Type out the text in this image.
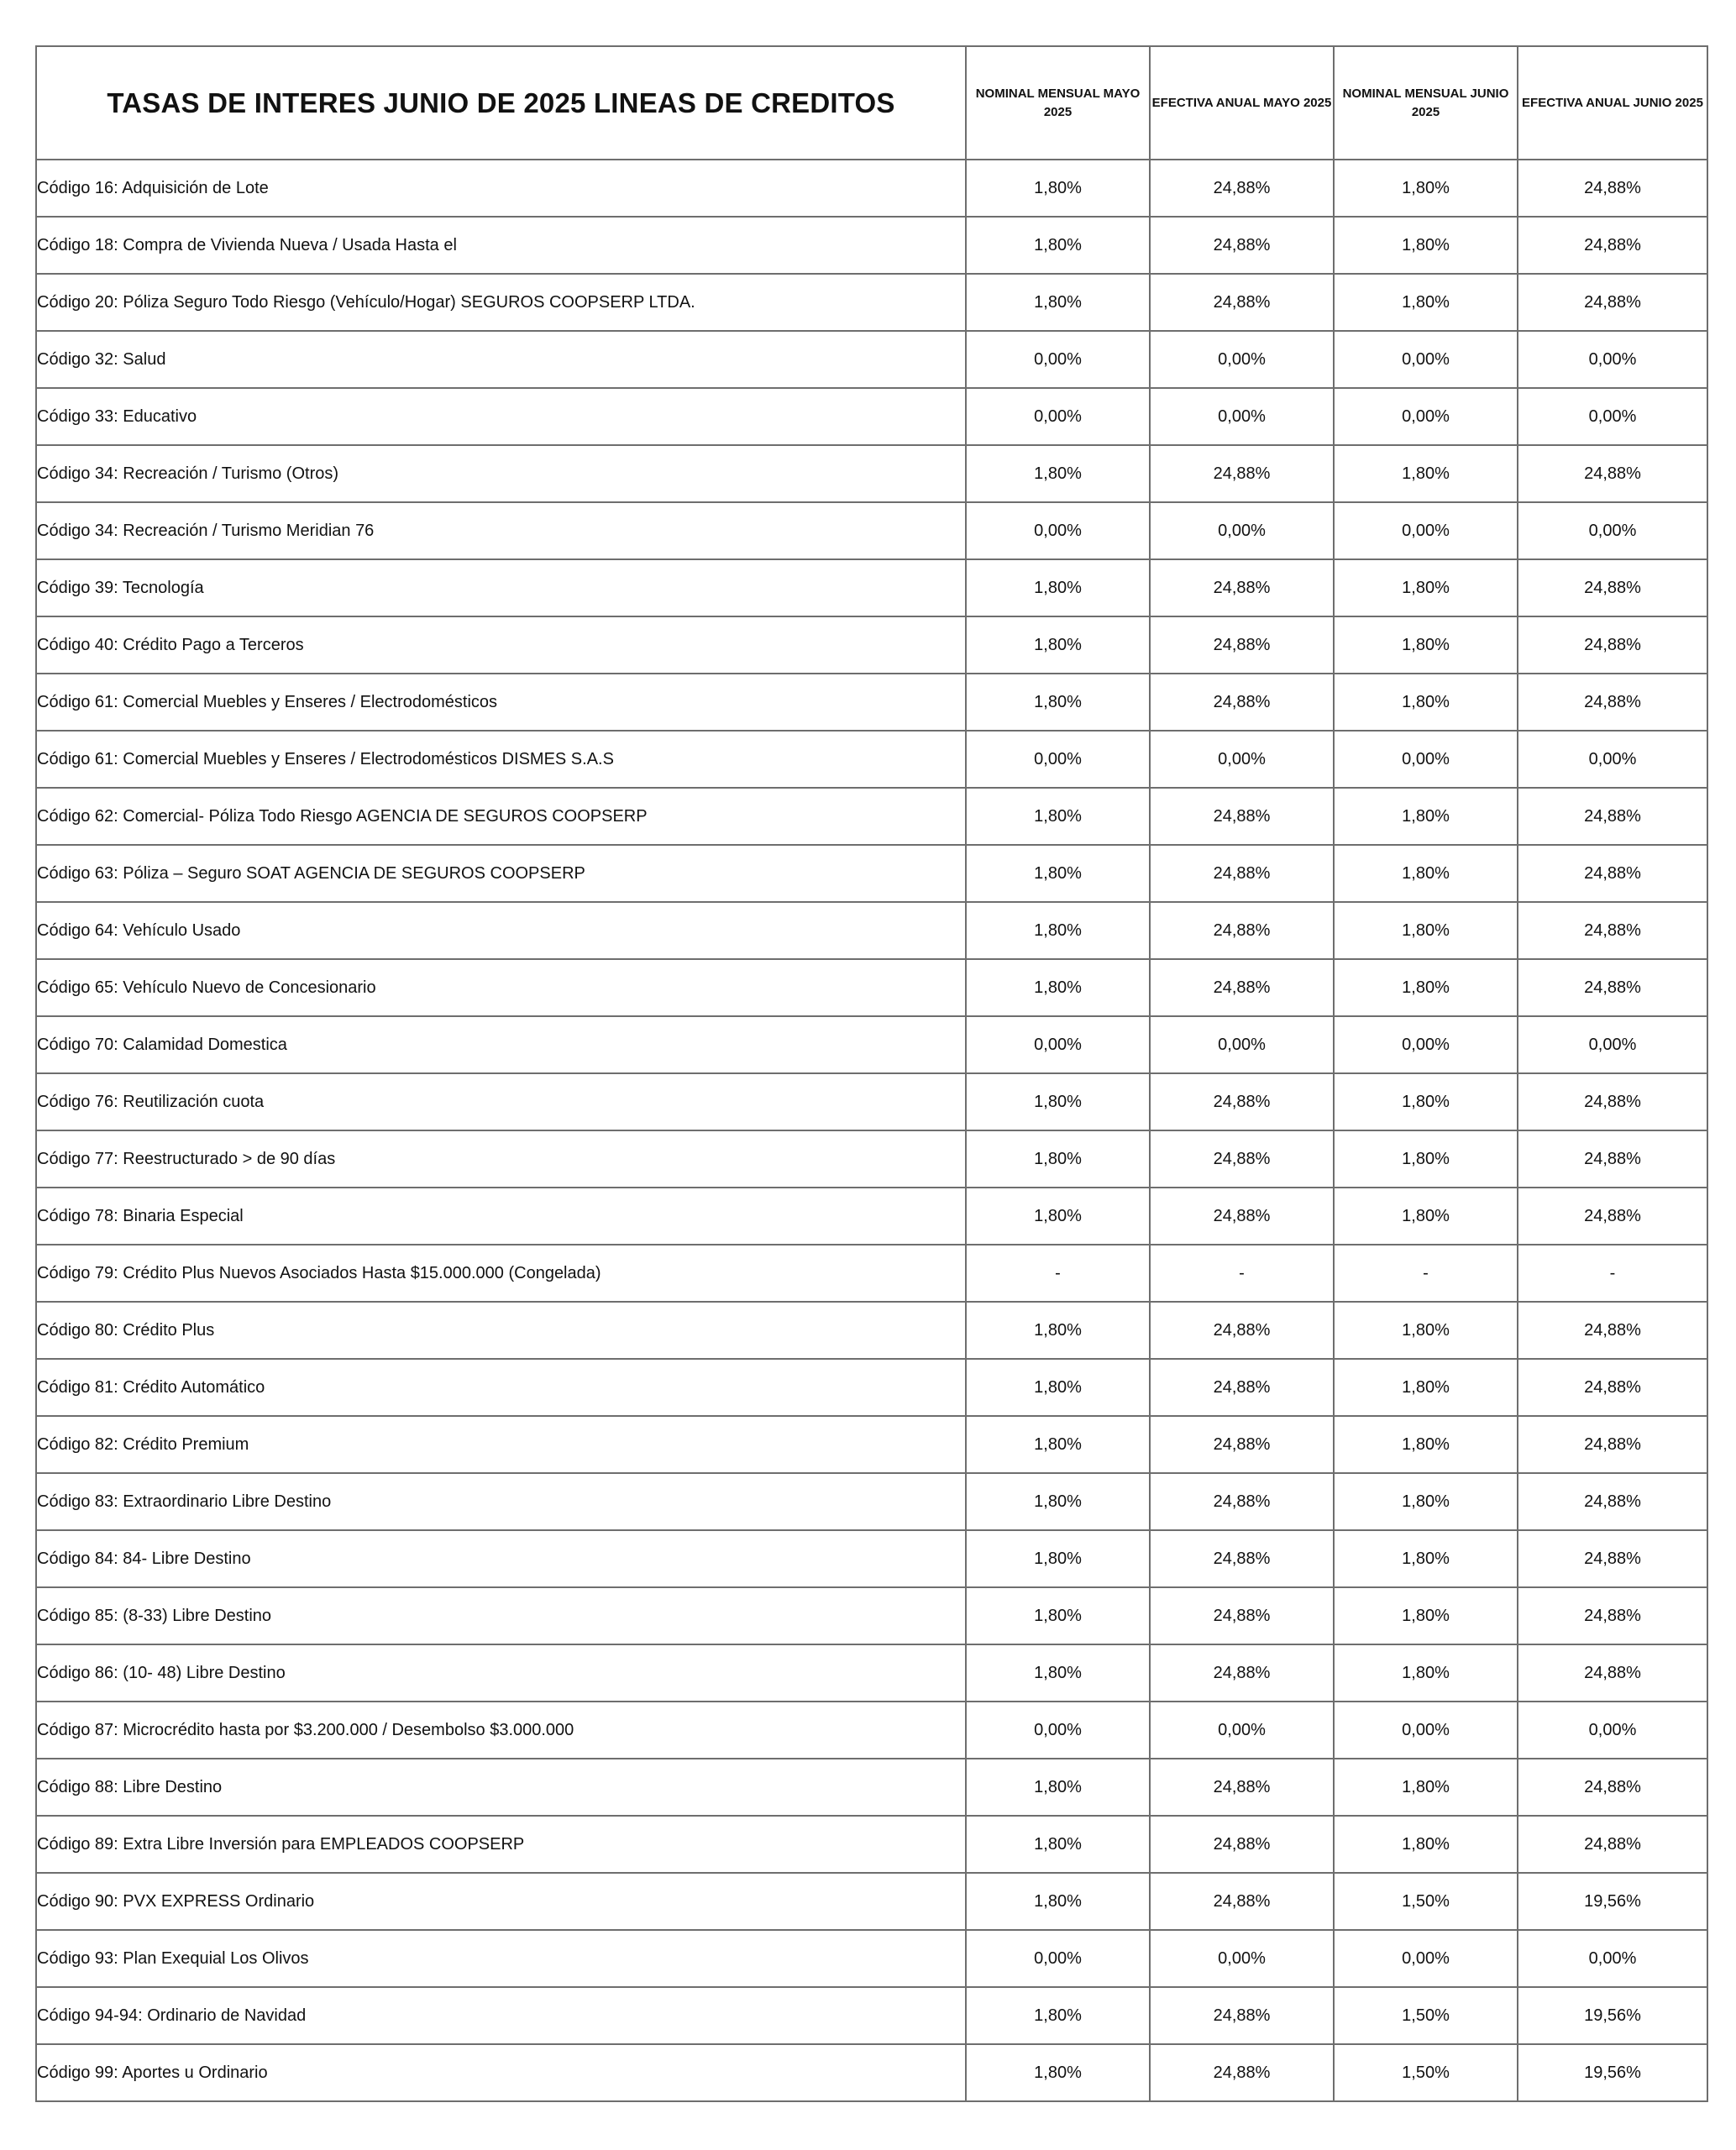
TASAS DE INTERES JUNIO DE 2025 LINEAS DE CREDITOS	NOMINAL MENSUAL MAYO 2025	EFECTIVA ANUAL MAYO 2025	NOMINAL MENSUAL JUNIO 2025	EFECTIVA ANUAL JUNIO 2025
Código 16: Adquisición de Lote	1,80%	24,88%	1,80%	24,88%
Código 18: Compra de Vivienda Nueva / Usada Hasta el	1,80%	24,88%	1,80%	24,88%
Código 20: Póliza Seguro Todo Riesgo (Vehículo/Hogar) SEGUROS COOPSERP LTDA.	1,80%	24,88%	1,80%	24,88%
Código 32: Salud	0,00%	0,00%	0,00%	0,00%
Código 33: Educativo	0,00%	0,00%	0,00%	0,00%
Código 34: Recreación / Turismo (Otros)	1,80%	24,88%	1,80%	24,88%
Código 34: Recreación / Turismo Meridian 76	0,00%	0,00%	0,00%	0,00%
Código 39: Tecnología	1,80%	24,88%	1,80%	24,88%
Código 40: Crédito Pago a Terceros	1,80%	24,88%	1,80%	24,88%
Código 61: Comercial Muebles y Enseres / Electrodomésticos	1,80%	24,88%	1,80%	24,88%
Código 61: Comercial Muebles y Enseres / Electrodomésticos DISMES S.A.S	0,00%	0,00%	0,00%	0,00%
Código 62: Comercial- Póliza Todo Riesgo AGENCIA DE SEGUROS COOPSERP	1,80%	24,88%	1,80%	24,88%
Código 63: Póliza – Seguro SOAT AGENCIA DE SEGUROS COOPSERP	1,80%	24,88%	1,80%	24,88%
Código 64: Vehículo Usado	1,80%	24,88%	1,80%	24,88%
Código 65: Vehículo Nuevo de Concesionario	1,80%	24,88%	1,80%	24,88%
Código 70: Calamidad Domestica	0,00%	0,00%	0,00%	0,00%
Código 76: Reutilización cuota	1,80%	24,88%	1,80%	24,88%
Código 77: Reestructurado > de 90 días	1,80%	24,88%	1,80%	24,88%
Código 78: Binaria Especial	1,80%	24,88%	1,80%	24,88%
Código 79: Crédito Plus Nuevos Asociados Hasta $15.000.000 (Congelada)	-	-	-	-
Código 80: Crédito Plus	1,80%	24,88%	1,80%	24,88%
Código 81: Crédito Automático	1,80%	24,88%	1,80%	24,88%
Código 82: Crédito Premium	1,80%	24,88%	1,80%	24,88%
Código 83: Extraordinario Libre Destino	1,80%	24,88%	1,80%	24,88%
Código 84: 84- Libre Destino	1,80%	24,88%	1,80%	24,88%
Código 85: (8-33) Libre Destino	1,80%	24,88%	1,80%	24,88%
Código 86: (10- 48) Libre Destino	1,80%	24,88%	1,80%	24,88%
Código 87: Microcrédito hasta por $3.200.000 / Desembolso $3.000.000	0,00%	0,00%	0,00%	0,00%
Código 88: Libre Destino	1,80%	24,88%	1,80%	24,88%
Código 89: Extra Libre Inversión para EMPLEADOS COOPSERP	1,80%	24,88%	1,80%	24,88%
Código 90: PVX EXPRESS Ordinario	1,80%	24,88%	1,50%	19,56%
Código 93: Plan Exequial Los Olivos	0,00%	0,00%	0,00%	0,00%
Código 94-94: Ordinario de Navidad	1,80%	24,88%	1,50%	19,56%
Código 99: Aportes u Ordinario	1,80%	24,88%	1,50%	19,56%
